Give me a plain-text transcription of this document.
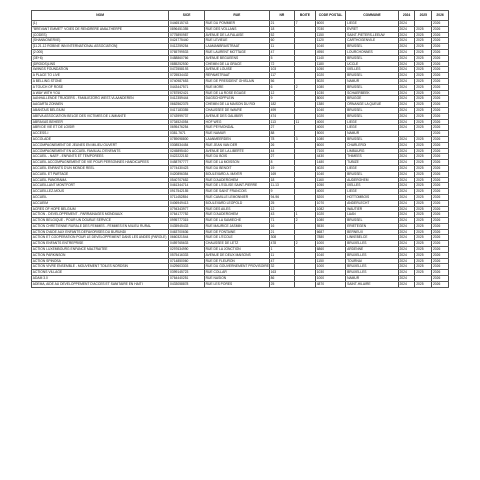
NOM	SICE	RUE	NR	BOITE	CODE POSTAL	COMMUNE	2024	2025	2026
(1)	0446515743	RUE DU POMMIER	21	7	6000	LIEGE	2024		2026
"BREVANT EMMET" VOIES DE RENDRERE AMALTHERPE	0896451355	RUE DES VOLLANS	18		7030	EVRET	2024	2025	2026
(CODES)	0775890987	AVENUE DE LA FALAISE	52		1150	SAINT-PIETERS-LEEUW	2024	2025	2026
(SHANNONERVE)	0424775440	RUE LEVIEUE	60		1120	CARTHOGENVILE	2024	2025	2026
[11.21.12 ROBINE INN INTERNATIONAL ASSOCIATION]	0412259254	LAAMANBRAISTRAAT	11		1040	BRUSSEL	2024	2025	2026
(2.000)	0765799533	RUE LAURENT MOTTAGE	47		4950	LOURCHONNES	2024	2025	2026
(3E+6)	0488860766	AVENUE BEGUEENS	5		1140	BRUSSEL	2024	2025	2026
(DROIDS)LINS	0885252530	CHEMIN DE LA GRACE	72		1180	UCCLE	2024	2025	2026
4WINGS FOUNDATION	0472558193	AVENUE LOUISE	103		1050	IXELLES	2024	2025	2026
A PLACE TO LIVE	0725534432	REPAMSTRAAT	117		1020	BRUSSEL	2024	2025	2026
A BELLING STONE	0740987653	RUE DE PRESIDENT GHISLAIN	56		5020	NAMUR	2024	2025	2026
A TOUCH OF ROSE	0443447571	RUE MORE	6	2	1080	BRUSSEL	2024	2025	2026
A WAY WITH YOU	0787592421	RUE DE LA ROSE EGAGE	12		1030	SCHAERBEEK	2024	2025	2026
AANHALLENDE TRUIGERS - FAMILIEZORG WEST-VLAANDEREN	0412359444	DAGSCHOPPLEIN	9		8000	BRUGGE	2024	2025	2026
AAGARTA ZONNEN	0662562375	CHEMIN DE LA MAISON DU ROI	182		1380	ORNANGE LA QUEUE	2024	2025	2026
ABANTAIS BELGIUM	0417183355	CHAUSSEE DE WAVRE	499		1040	BRUSSEL	2024	2025	2026
ABEVA ASSOCIATION BELGE DES VICTIMES DE L'AMIANTE	0743999737	AVENUE DES GALIBIER	474		1020	BRUSSEL	2024	2025	2026
ABRAXAS BEHEER	0734524054	HOF WEG	113	11	4000	LIEGE	2024	2025	2026
ABRI DE VIE ET DE LOISIR	0695476254	RUE PEYMONDAL	27		4000	LIEGE	2024	2025	2026
ACCESS-I	0381.7671	RUE NAMUR	88		5000	NAMUR			2026
ACCOLADE	0789098800	LAANMEERDEN	78	3	1080	BRUSSEL	2024	2025	2026
ACCOMPAGNEMENT DE JEUNES EN MILIEU OUVERT	0308534454	RUE JEAN VAN DER	26		6000	CHARLEROI	2024	2025	2026
ACCOMPAGNEMENT EN ACCUEIL FAMILIAL D'ENFANTS	0245895410	AVENUE DE LA LIBERTE	44		7100	LIMBUURG	2024	2025	2026
ACCUEIL - NAEF - ENFANTS ET TEMPOREES	0422222152	RUE DU BOIS	27		4430	THIMEES	2024	2025	2026
ACCUEIL ACCOMPAGNEMENT DE VIE POUR PERSONNES HANDICAPEES	0458797777	RUE DE LA MOISSON	8		1480	TUBIZE	2024	2025	2026
ACCUEIL ENFANTS D'UN MONDE REEL	0774430423	RUE DU BENOIT	19		4020	LIEGE	2024	2025	2026
ACCUEIL ET PARTAGE	0420896354	BOULEVARD A. MAYER	169		1040	BRUSSEL	2024	2025	2026
ACCUEIL PANORAMA	0540707652	RUE D'AUDERGHEM	18		1160	AUDERGHEM	2024	2025	2026
ACCUEILLANT MONTFORT	0461344714	RUE DE L'EGLISE SAINT-PIERRE	11-13		1050	IXELLES	2024	2025	2026
ACCUEILLEZ-MOUS	0917542155	RUE DE SAINT FRANCOIS	9		4000	LIEGE	2024	2025	2026
ACCUEIL	0711452854	RUE CAMILLE LEMONNIER	94-96		5200	HOTTOMBOIS	2024	2025	2026
ACCUEIM	0406949413	BOULEVARD LEOPOLD	25		1070	ANDERLECHT	2024	2025	2026
ACRES OF HOPE BELGIUM	0794343977	RUE DES AILES	12		1082	WAUTIER	2024	2025	2026
ACTION - DEVELOPPEMENT - PARRAINAGES MONDIAUX	0764177752	RUE D'AUDERGHEM	43	1	1020	LAAN	2024	2025	2026
ACTION BELGIQUE - POUR UN DOUBLE SERVICE	0995777315	RUE DE LA SAMIECHE	71	2	1080	BRUSSEL	2024	2025	2026
ACTION CHRETIENNE RURALE DES FEMMES - FEMMES EN MILIEU RURAL	0435945433	RUE MAURICE JASMIN	16		5530	ERIETEGEN	2024	2025	2026
ACTION D'AIDE AUX ENFANTS DEFAVORISES DU BURUNDI	0463700636	RUE DE FONTAINE	21		6687	BERNEUX	2024	2025	2026
ACTION ET COOPERATION POUR LE DEVELOPPEMENT DANS LES ANDES (PAROLE)	0660321544	RUE DE L'ECOLE	308		7880	LINKEBELCE	2024	2025	2026
ACTION ENFANTS ENTREPRISE	0459765633	CHAUSSEE DE LETZ	478	2	1000	BRUXELLES	2024	2025	2026
ACTION LUXEMBOURG ENFANCE MALTRAITEE	0297634990	RUE DE LA JONCTION	1		6860	ARDENNE	2024	2025	2026
ACTION PARKINSON	0575416333	AVENUE DE DEUX MAISONS	11		1040	BRUXELLES	2024	2025	2026
ACTION SPINOSA	0714850060	RUE DE FLEURON	47		1150	TOURNAI	2024	2025	2026
ACTION VIVRE ENSEMBLE - MOUVEMENT TOILES NORDSIN	0429603303	RUE DU GOUVERNEMENT PROVISOIRE	32		1000	BRUXELLES	2024	2025	2026
ACTIONS VILLAGE	0399145723	RUE COLLAR	163		1030	BRUXELLES	2024	2025	2026
ADAM 3.0	0764440251	RUE NASION	86		1000	NAMUR	2024		2026
ADEMA, AIDE AU DEVELOPPEMENT D'ACCES ET SANITAIRE EN HAITI	0433058878	RUE LES PORES	25		4870	SAINT-HILAIRE	2024	2025	2026
